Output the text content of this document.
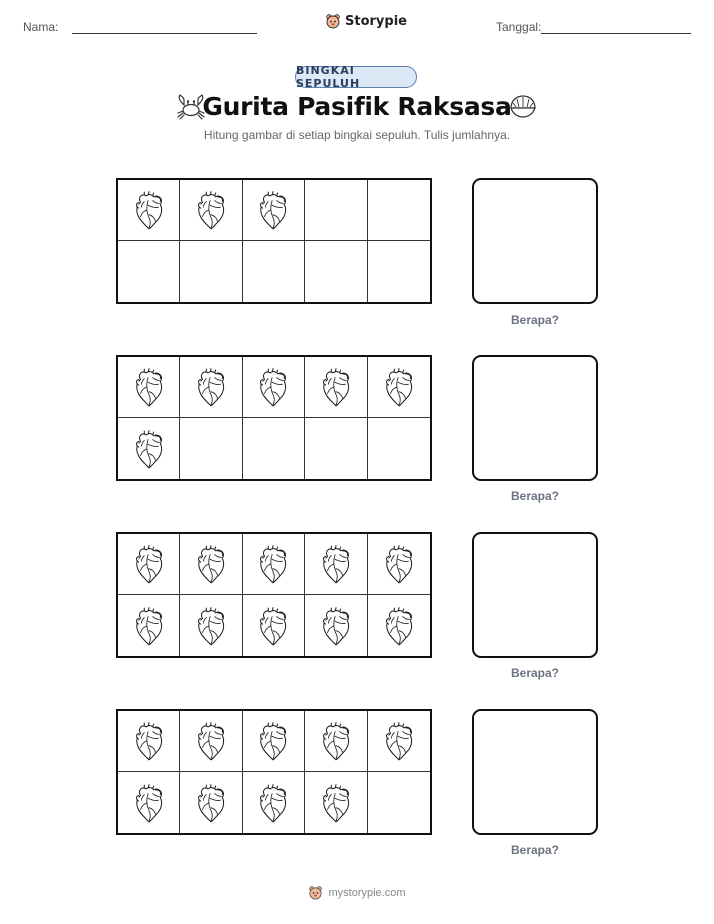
Nama:	Storypie	Tanggal:
BINGKAI SEPULUH
Gurita Pasifik Raksasa
Hitung gambar di setiap bingkai sepuluh. Tulis jumlahnya.
Berapa?
Berapa?
Berapa?
Berapa?
mystorypie.com
